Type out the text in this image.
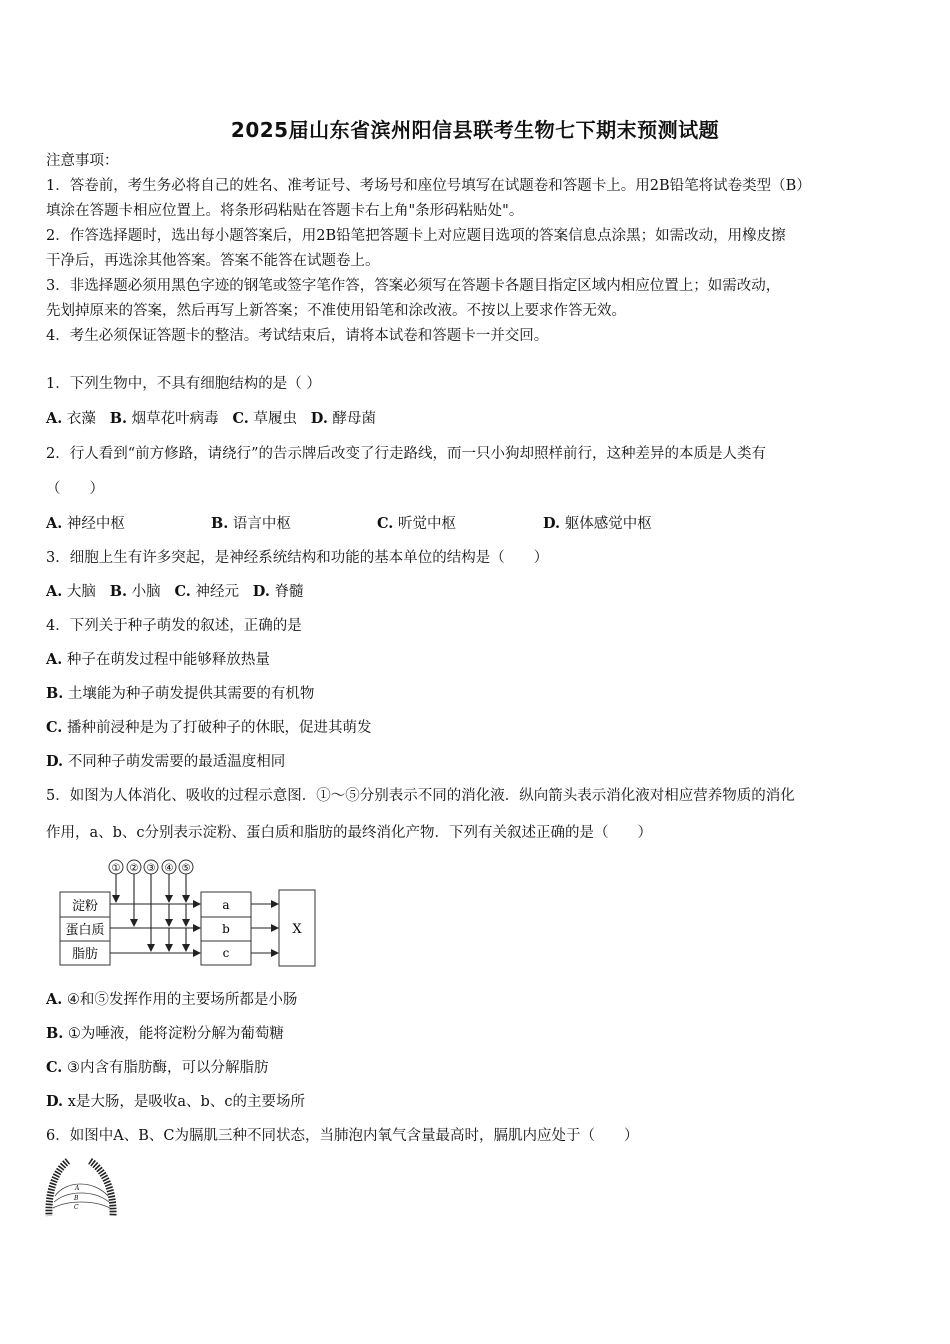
2025届山东省滨州阳信县联考生物七下期末预测试题
注意事项：
1．答卷前，考生务必将自己的姓名、准考证号、考场号和座位号填写在试题卷和答题卡上。用2B铅笔将试卷类型（B）
填涂在答题卡相应位置上。将条形码粘贴在答题卡右上角"条形码粘贴处"。
2．作答选择题时，选出每小题答案后，用2B铅笔把答题卡上对应题目选项的答案信息点涂黑；如需改动，用橡皮擦
干净后，再选涂其他答案。答案不能答在试题卷上。
3．非选择题必须用黑色字迹的钢笔或签字笔作答，答案必须写在答题卡各题目指定区域内相应位置上；如需改动，
先划掉原来的答案，然后再写上新答案；不准使用铅笔和涂改液。不按以上要求作答无效。
4．考生必须保证答题卡的整洁。考试结束后，请将本试卷和答题卡一并交回。
1．下列生物中，不具有细胞结构的是（ ）
A. 衣藻 B. 烟草花叶病毒 C. 草履虫 D. 酵母菌
2．行人看到“前方修路，请绕行”的告示牌后改变了行走路线，而一只小狗却照样前行，这种差异的本质是人类有
（　　）
A. 神经中枢	B. 语言中枢	C. 听觉中枢	D. 躯体感觉中枢
3．细胞上生有许多突起，是神经系统结构和功能的基本单位的结构是（　　）
A. 大脑 B. 小脑 C. 神经元 D. 脊髓
4．下列关于种子萌发的叙述，正确的是
A. 种子在萌发过程中能够释放热量
B. 土壤能为种子萌发提供其需要的有机物
C. 播种前浸种是为了打破种子的休眠，促进其萌发
D. 不同种子萌发需要的最适温度相同
5．如图为人体消化、吸收的过程示意图．①～⑤分别表示不同的消化液．纵向箭头表示消化液对相应营养物质的消化
作用，a、b、c分别表示淀粉、蛋白质和脂肪的最终消化产物．下列有关叙述正确的是（　　）
① ② ③ ④ ⑤
淀粉
蛋白质
脂肪
a
b
c
X
A. ④和⑤发挥作用的主要场所都是小肠
B. ①为唾液，能将淀粉分解为葡萄糖
C. ③内含有脂肪酶，可以分解脂肪
D. x是大肠，是吸收a、b、c的主要场所
6．如图中A、B、C为膈肌三种不同状态，当肺泡内氧气含量最高时，膈肌内应处于（　　）
A
B
C
